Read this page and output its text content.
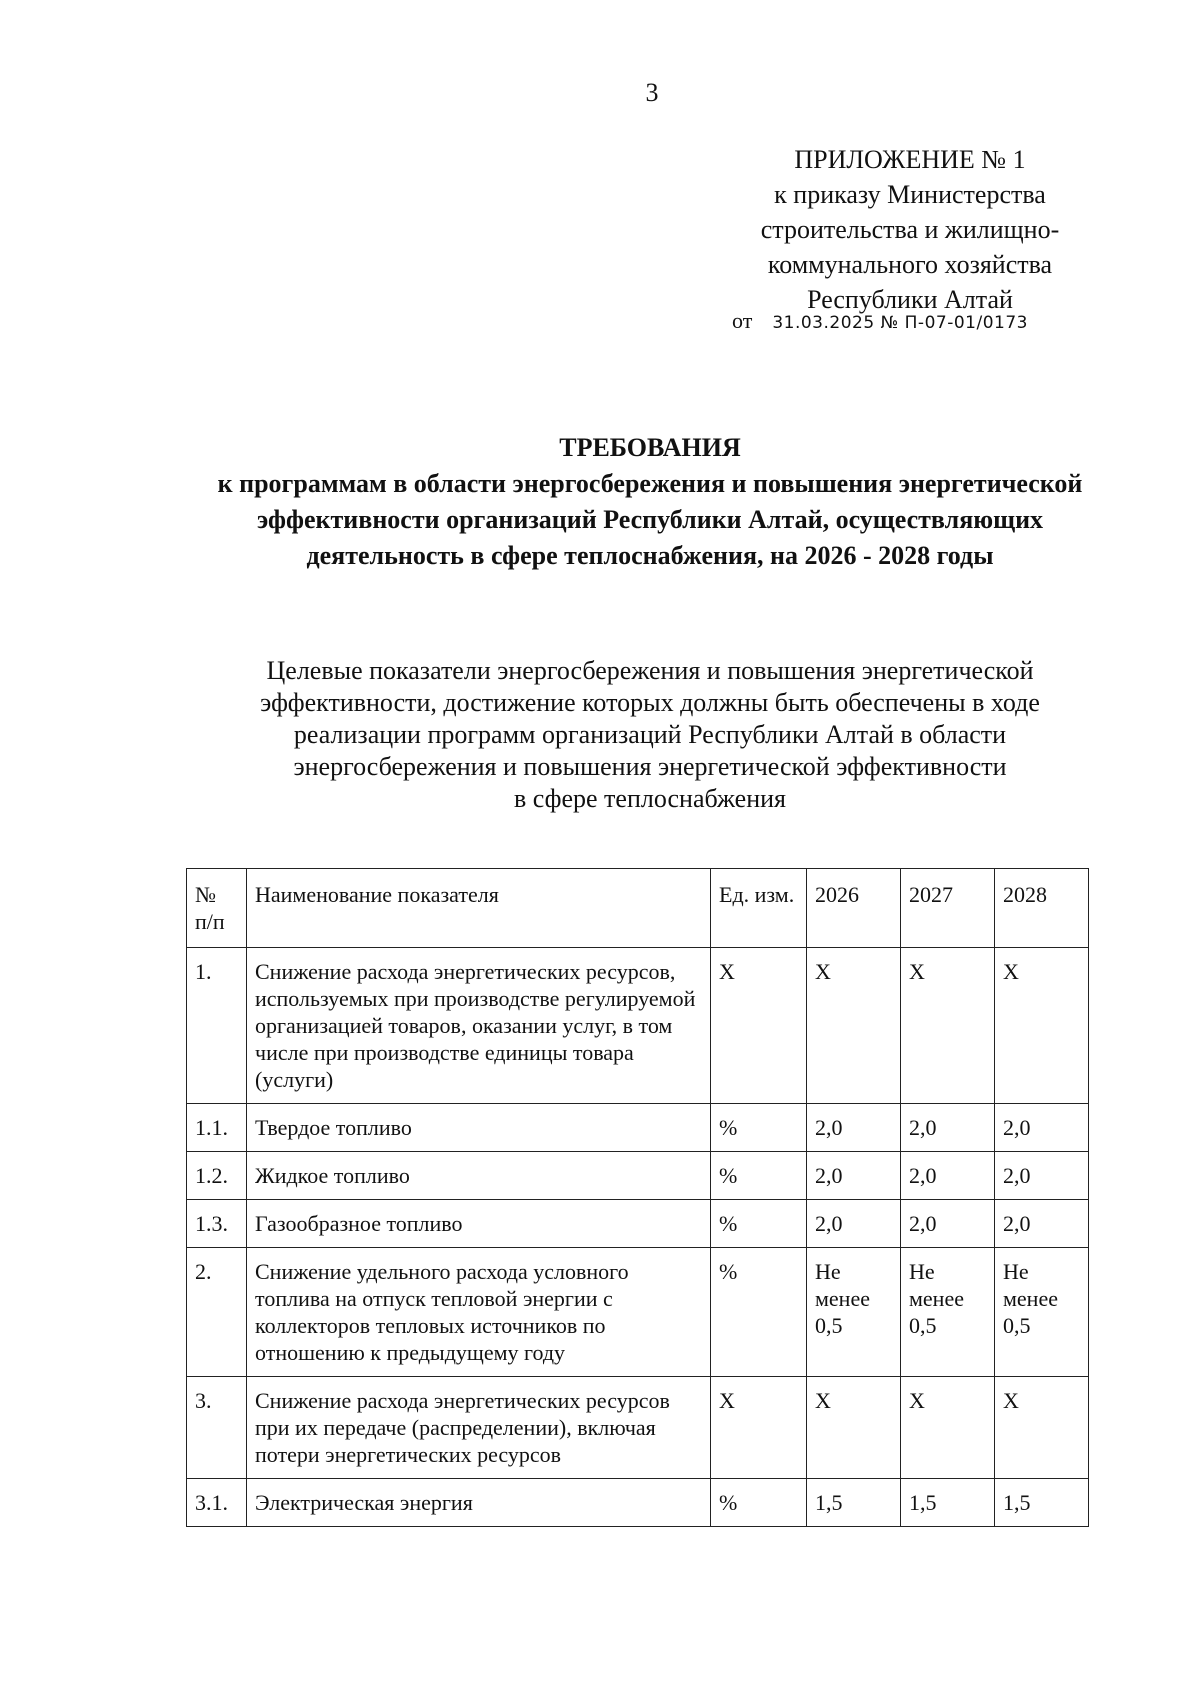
3
ПРИЛОЖЕНИЕ № 1
к приказу Министерства
строительства и жилищно-
коммунального хозяйства
Республики Алтай
от 31.03.2025 № П-07-01/0173
ТРЕБОВАНИЯ
к программам в области энергосбережения и повышения энергетической
эффективности организаций Республики Алтай, осуществляющих
деятельность в сфере теплоснабжения, на 2026 - 2028 годы
Целевые показатели энергосбережения и повышения энергетической
эффективности, достижение которых должны быть обеспечены в ходе
реализации программ организаций Республики Алтай в области
энергосбережения и повышения энергетической эффективности
в сфере теплоснабжения
№ п/п	Наименование показателя	Ед. изм.	2026	2027	2028
1.	Снижение расхода энергетических ресурсов, используемых при производстве регулируемой организацией товаров, оказании услуг, в том числе при производстве единицы товара (услуги)	X	X	X	X
1.1.	Твердое топливо	%	2,0	2,0	2,0
1.2.	Жидкое топливо	%	2,0	2,0	2,0
1.3.	Газообразное топливо	%	2,0	2,0	2,0
2.	Снижение удельного расхода условного топлива на отпуск тепловой энергии с коллекторов тепловых источников по отношению к предыдущему году	%	Не менее 0,5	Не менее 0,5	Не менее 0,5
3.	Снижение расхода энергетических ресурсов при их передаче (распределении), включая потери энергетических ресурсов	X	X	X	X
3.1.	Электрическая энергия	%	1,5	1,5	1,5
